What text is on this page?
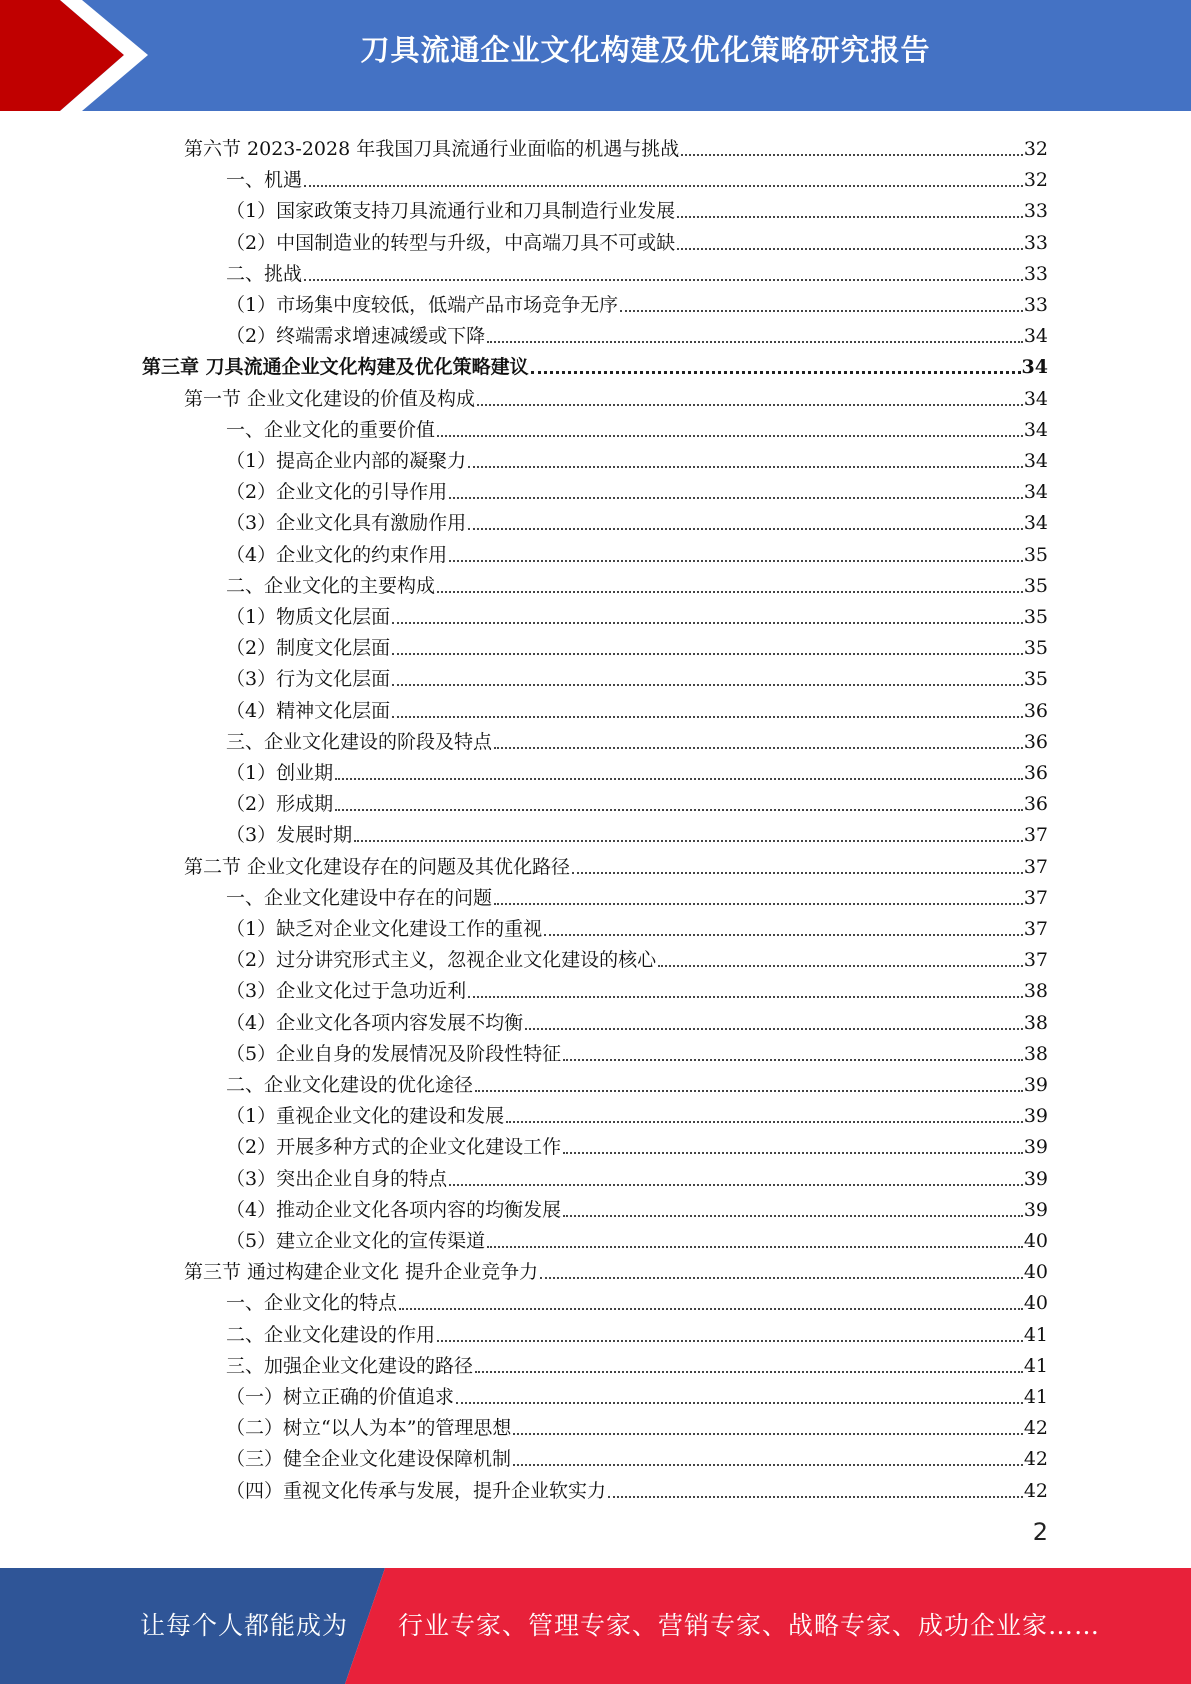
刀具流通企业文化构建及优化策略研究报告
第六节 2023-2028 年我国刀具流通行业面临的机遇与挑战	32
一、机遇	32
（1）国家政策支持刀具流通行业和刀具制造行业发展	33
（2）中国制造业的转型与升级，中高端刀具不可或缺	33
二、挑战	33
（1）市场集中度较低，低端产品市场竞争无序	33
（2）终端需求增速减缓或下降	34
第三章 刀具流通企业文化构建及优化策略建议	34
第一节 企业文化建设的价值及构成	34
一、企业文化的重要价值	34
（1）提高企业内部的凝聚力	34
（2）企业文化的引导作用	34
（3）企业文化具有激励作用	34
（4）企业文化的约束作用	35
二、企业文化的主要构成	35
（1）物质文化层面	35
（2）制度文化层面	35
（3）行为文化层面	35
（4）精神文化层面	36
三、企业文化建设的阶段及特点	36
（1）创业期	36
（2）形成期	36
（3）发展时期	37
第二节 企业文化建设存在的问题及其优化路径	37
一、企业文化建设中存在的问题	37
（1）缺乏对企业文化建设工作的重视	37
（2）过分讲究形式主义，忽视企业文化建设的核心	37
（3）企业文化过于急功近利	38
（4）企业文化各项内容发展不均衡	38
（5）企业自身的发展情况及阶段性特征	38
二、企业文化建设的优化途径	39
（1）重视企业文化的建设和发展	39
（2）开展多种方式的企业文化建设工作	39
（3）突出企业自身的特点	39
（4）推动企业文化各项内容的均衡发展	39
（5）建立企业文化的宣传渠道	40
第三节 通过构建企业文化 提升企业竞争力	40
一、企业文化的特点	40
二、企业文化建设的作用	41
三、加强企业文化建设的路径	41
（一）树立正确的价值追求	41
（二）树立“以人为本”的管理思想	42
（三）健全企业文化建设保障机制	42
（四）重视文化传承与发展，提升企业软实力	42
2
让每个人都能成为 行业专家、管理专家、营销专家、战略专家、成功企业家……
